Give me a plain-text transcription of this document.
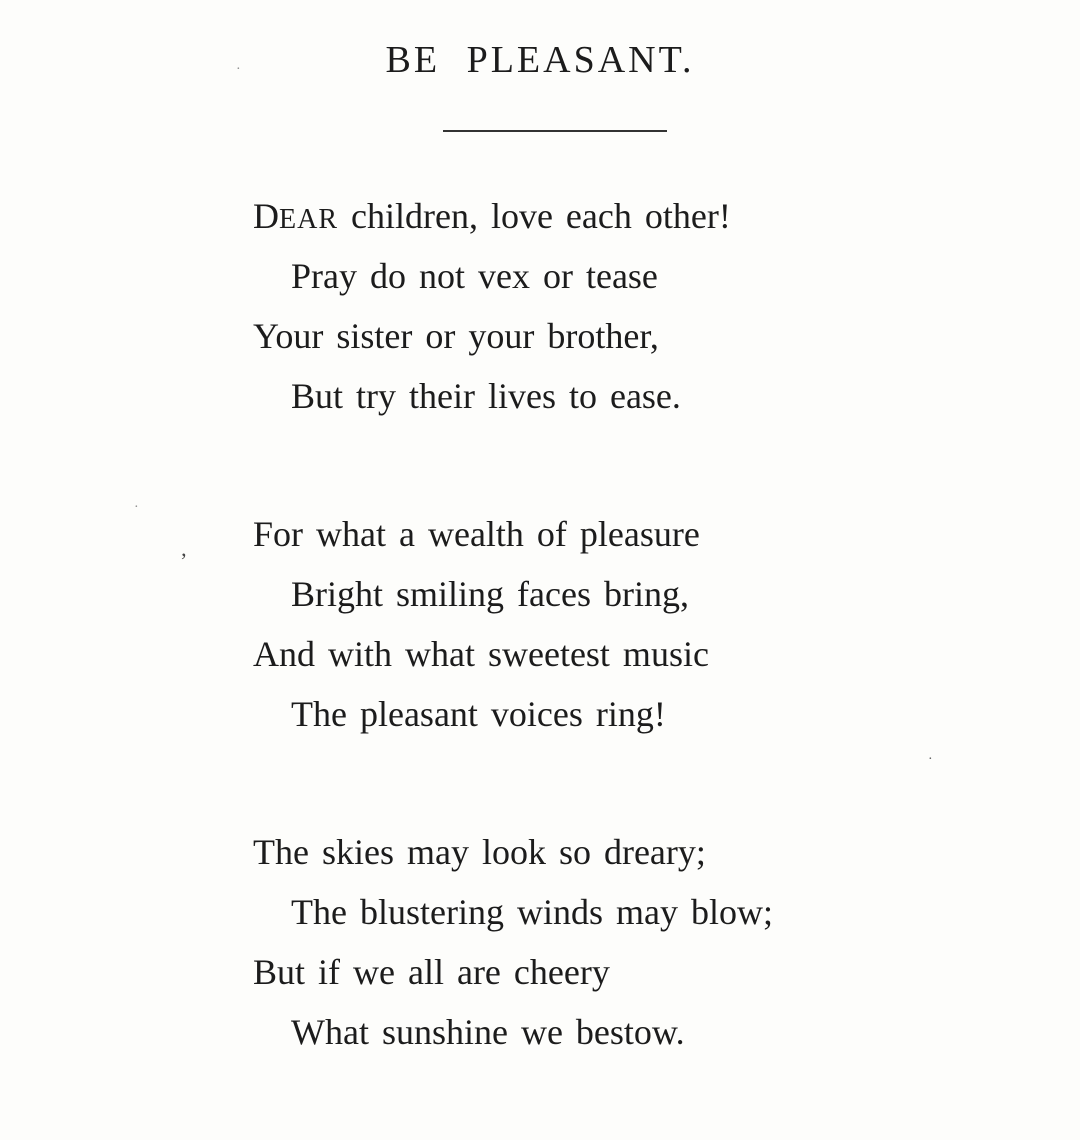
BE PLEASANT.
DEAR children, love each other!
Pray do not vex or tease
Your sister or your brother,
But try their lives to ease.
For what a wealth of pleasure
Bright smiling faces bring,
And with what sweetest music
The pleasant voices ring!
The skies may look so dreary;
The blustering winds may blow;
But if we all are cheery
What sunshine we bestow.
’
·
·
·
